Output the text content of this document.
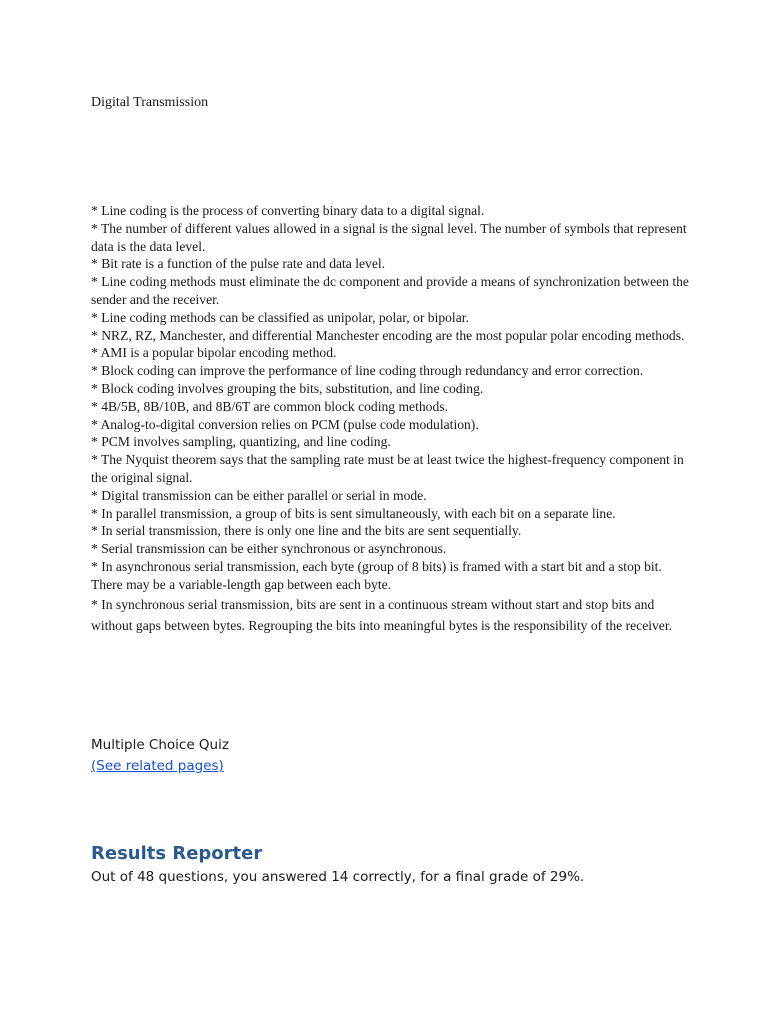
Digital Transmission
* Line coding is the process of converting binary data to a digital signal.
* The number of different values allowed in a signal is the signal level. The number of symbols that represent data is the data level.
* Bit rate is a function of the pulse rate and data level.
* Line coding methods must eliminate the dc component and provide a means of synchronization between the sender and the receiver.
* Line coding methods can be classified as unipolar, polar, or bipolar.
* NRZ, RZ, Manchester, and differential Manchester encoding are the most popular polar encoding methods.
* AMI is a popular bipolar encoding method.
* Block coding can improve the performance of line coding through redundancy and error correction.
* Block coding involves grouping the bits, substitution, and line coding.
* 4B/5B, 8B/10B, and 8B/6T are common block coding methods.
* Analog-to-digital conversion relies on PCM (pulse code modulation).
* PCM involves sampling, quantizing, and line coding.
* The Nyquist theorem says that the sampling rate must be at least twice the highest-frequency component in the original signal.
* Digital transmission can be either parallel or serial in mode.
* In parallel transmission, a group of bits is sent simultaneously, with each bit on a separate line.
* In serial transmission, there is only one line and the bits are sent sequentially.
* Serial transmission can be either synchronous or asynchronous.
* In asynchronous serial transmission, each byte (group of 8 bits) is framed with a start bit and a stop bit. There may be a variable-length gap between each byte.
* In synchronous serial transmission, bits are sent in a continuous stream without start and stop bits and without gaps between bytes. Regrouping the bits into meaningful bytes is the responsibility of the receiver.
Multiple Choice Quiz
(See related pages)
Results Reporter
Out of 48 questions, you answered 14 correctly, for a final grade of 29%.
